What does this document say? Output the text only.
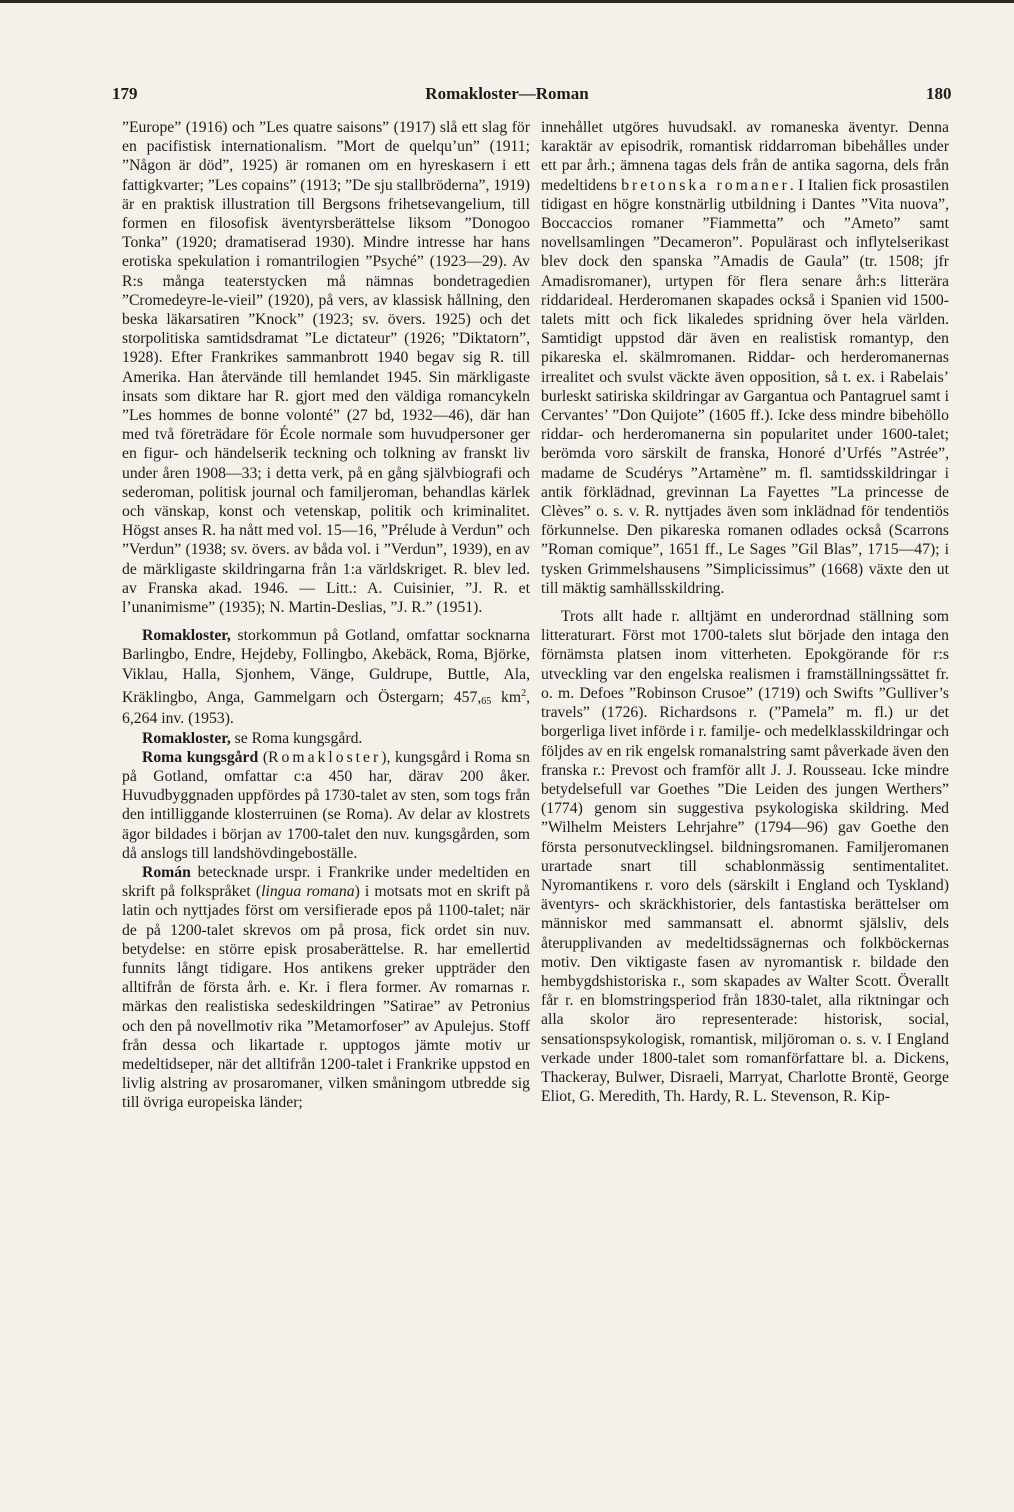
179	Romakloster—Roman	180

”Europe” (1916) och ”Les quatre saisons” (1917) slå ett slag för en pacifistisk internationalism. ”Mort de quelqu’un” (1911; ”Någon är död”, 1925) är romanen om en hyreskasern i ett fattigkvarter; ”Les copains” (1913; ”De sju stallbröderna”, 1919) är en praktisk illustration till Bergsons frihetsevangelium, till formen en filosofisk äventyrsberättelse liksom ”Donogoo Tonka” (1920; dramatiserad 1930). Mindre intresse har hans erotiska spekulation i romantrilogien ”Psyché” (1923—29). Av R:s många teaterstycken må nämnas bondetragedien ”Cromedeyre-le-vieil” (1920), på vers, av klassisk hållning, den beska läkarsatiren ”Knock” (1923; sv. övers. 1925) och det storpolitiska samtidsdramat ”Le dictateur” (1926; ”Diktatorn”, 1928). Efter Frankrikes sammanbrott 1940 begav sig R. till Amerika. Han återvände till hemlandet 1945. Sin märkligaste insats som diktare har R. gjort med den väldiga romancykeln ”Les hommes de bonne volonté” (27 bd, 1932—46), där han med två företrädare för École normale som huvudpersoner ger en figur- och händelserik teckning och tolkning av franskt liv under åren 1908—33; i detta verk, på en gång självbiografi och sederoman, politisk journal och familjeroman, behandlas kärlek och vänskap, konst och vetenskap, politik och kriminalitet. Högst anses R. ha nått med vol. 15—16, ”Prélude à Verdun” och ”Verdun” (1938; sv. övers. av båda vol. i ”Verdun”, 1939), en av de märkligaste skildringarna från 1:a världskriget. R. blev led. av Franska akad. 1946. — Litt.: A. Cuisinier, ”J. R. et l’unanimisme” (1935); N. Martin-Deslias, ”J. R.” (1951).

Romakloster, storkommun på Gotland, omfattar socknarna Barlingbo, Endre, Hejdeby, Follingbo, Akebäck, Roma, Björke, Viklau, Halla, Sjonhem, Vänge, Guldrupe, Buttle, Ala, Kräklingbo, Anga, Gammelgarn och Östergarn; $457,_{65}$ $km^2$, 6,264 inv. (1953).

Romakloster, se Roma kungsgård.

Roma kungsgård (Romakloster), kungsgård i Roma sn på Gotland, omfattar c:a 450 har, därav 200 åker. Huvudbyggnaden uppfördes på 1730-talet av sten, som togs från den intilliggande klosterruinen (se Roma). Av delar av klostrets ägor bildades i början av 1700-talet den nuv. kungsgården, som då anslogs till landshövdingeboställe.

Román betecknade urspr. i Frankrike under medeltiden en skrift på folkspråket (lingua romana) i motsats mot en skrift på latin och nyttjades först om versifierade epos på 1100-talet; när de på 1200-talet skrevos om på prosa, fick ordet sin nuv. betydelse: en större episk prosaberättelse. R. har emellertid funnits långt tidigare. Hos antikens greker uppträder den alltifrån de första årh. e. Kr. i flera former. Av romarnas r. märkas den realistiska sedeskildringen ”Satirae” av Petronius och den på novellmotiv rika ”Metamorfoser” av Apulejus. Stoff från dessa och likartade r. upptogos jämte motiv ur medeltidseper, när det alltifrån 1200-talet i Frankrike uppstod en livlig alstring av prosaromaner, vilken småningom utbredde sig till övriga europeiska länder;

innehållet utgöres huvudsakl. av romaneska äventyr. Denna karaktär av episodrik, romantisk riddarroman bibehålles under ett par årh.; ämnena tagas dels från de antika sagorna, dels från medeltidens bretonska romaner. I Italien fick prosastilen tidigast en högre konstnärlig utbildning i Dantes ”Vita nuova”, Boccaccios romaner ”Fiammetta” och ”Ameto” samt novellsamlingen ”Decameron”. Populärast och inflytelserikast blev dock den spanska ”Amadis de Gaula” (tr. 1508; jfr Amadisromaner), urtypen för flera senare årh:s litterära riddarideal. Herderomanen skapades också i Spanien vid 1500-talets mitt och fick likaledes spridning över hela världen. Samtidigt uppstod där även en realistisk romantyp, den pikareska el. skälmromanen. Riddar- och herderomanernas irrealitet och svulst väckte även opposition, så t. ex. i Rabelais’ burleskt satiriska skildringar av Gargantua och Pantagruel samt i Cervantes’ ”Don Quijote” (1605 ff.). Icke dess mindre bibehöllo riddar- och herderomanerna sin popularitet under 1600-talet; berömda voro särskilt de franska, Honoré d’Urfés ”Astrée”, madame de Scudérys ”Artamène” m. fl. samtidsskildringar i antik förklädnad, grevinnan La Fayettes ”La princesse de Clèves” o. s. v. R. nyttjades även som inklädnad för tendentiös förkunnelse. Den pikareska romanen odlades också (Scarrons ”Roman comique”, 1651 ff., Le Sages ”Gil Blas”, 1715—47); i tysken Grimmelshausens ”Simplicissimus” (1668) växte den ut till mäktig samhällsskildring.

Trots allt hade r. alltjämt en underordnad ställning som litteraturart. Först mot 1700-talets slut började den intaga den förnämsta platsen inom vitterheten. Epokgörande för r:s utveckling var den engelska realismen i framställningssättet fr. o. m. Defoes ”Robinson Crusoe” (1719) och Swifts ”Gulliver’s travels” (1726). Richardsons r. (”Pamela” m. fl.) ur det borgerliga livet införde i r. familje- och medelklasskildringar och följdes av en rik engelsk romanalstring samt påverkade även den franska r.: Prevost och framför allt J. J. Rousseau. Icke mindre betydelsefull var Goethes ”Die Leiden des jungen Werthers” (1774) genom sin suggestiva psykologiska skildring. Med ”Wilhelm Meisters Lehrjahre” (1794—96) gav Goethe den första personutvecklingsel. bildningsromanen. Familjeromanen urartade snart till schablonmässig sentimentalitet. Nyromantikens r. voro dels (särskilt i England och Tyskland) äventyrs- och skräckhistorier, dels fantastiska berättelser om människor med sammansatt el. abnormt själsliv, dels återupplivanden av medeltidssägnernas och folkböckernas motiv. Den viktigaste fasen av nyromantisk r. bildade den hembygdshistoriska r., som skapades av Walter Scott. Överallt får r. en blomstringsperiod från 1830-talet, alla riktningar och alla skolor äro representerade: historisk, social, sensationspsykologisk, romantisk, miljöroman o. s. v. I England verkade under 1800-talet som romanförfattare bl. a. Dickens, Thackeray, Bulwer, Disraeli, Marryat, Charlotte Brontë, George Eliot, G. Meredith, Th. Hardy, R. L. Stevenson, R. Kip-
